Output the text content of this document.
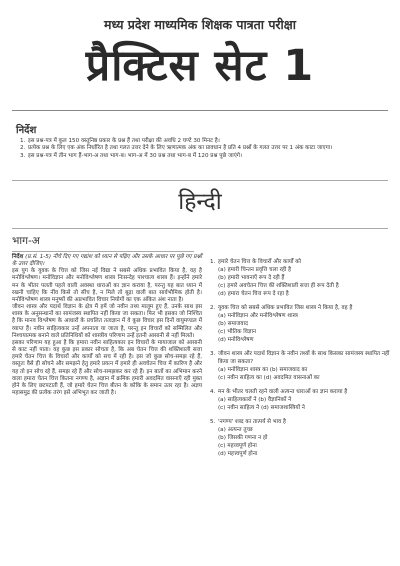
मध्य प्रदेश माध्यमिक शिक्षक पात्रता परीक्षा
प्रैक्टिस सेट 1
निर्देश
1. इस प्रश्न-पत्र में कुल 150 वस्तुनिष्ठ प्रकार के प्रश्न हैं तथा परीक्षा की अवधि 2 घण्टे 30 मिनट है।
2. प्रत्येक प्रश्न के लिए एक अंक निर्धारित है तथा गलत उत्तर देने के लिए ऋणात्मक अंक का प्रावधान है प्रति 4 प्रश्नों के गलत उत्तर पर 1 अंक काटा जाएगा।
3. इस प्रश्न-पत्र में तीन भाग हैं-भाग-अ तथा भाग-ब। भाग-अ में 30 प्रश्न तथा भाग-ब में 120 प्रश्न पूछे जाएंगे।
हिन्दी
भाग-अ

निर्देश (प्र.सं. 1-5) नीचे दिए गए गद्यांश को ध्यान से पढ़िए और उसके आधार पर पूछे गए प्रश्नों के उत्तर दीजिए।

इस युग के युवक के चित्त को जिस नई विद्या ने सबसे अधिक प्रभावित किया है, वह है मनोविश्लेषण। मनोविज्ञान और मनोविश्लेषण शास्त्र निःसन्देह पाश्चात्य शास्त्र हैं। इन्होंने हमारे मन के भीतर पलती पहले वाली अवस्था धाराओं का ज्ञान कराया है, परन्तु यह बात ध्यान में रखनी चाहिए कि नींव किसे तो सींच है, न मिले तो बूढ़ा वाली बात सार्वभौमिक होती है। मनोविश्लेषण शास्त्र मनुष्यों की अप्रभावित विचार नियोगों का एक अंकित अंश नाता है।

जीवन शास्त्र और पदार्थ विज्ञान के क्षेत्र में हमें जो नवीन तथ्य मालूम हुए हैं, उनके साथ इस शास्त्र के अनुसन्धानों का सामंजस्य स्थापित नहीं किया जा सकता। फिर भी इसका जो निश्चित है कि मानव विश्लेषण के आधारों के प्रचलित तत्वज्ञान में वे कुछ विचार इस दिनों वायुमण्डल में व्याप्त हैं। नवीन साहित्यकार उन्हें अपनाता या जाता है, परन्तु इन विचारों को सम्मिलित और निश्चयात्मक बनाने वाले प्रतिनिधियों को शास्त्रीय परिणाम उन्हें इतनी आसानी से नहीं मिलते।

इसका परिणाम यह हुआ है कि हमारा नवीन साहित्यकार इन विचारों के मायाजाल को आसानी से काट नहीं पाता। वह कुछ इस प्रकार सोचता है, कि अब चेतन चित्त की शक्तिशाली सत्ता हमारे चेतन चित्त के विचारों और कार्यों को सच में रही है। इस जो कुछ सोच-समझ रहे हैं, वस्तुतः वैसे ही सोचने और समझने हेतु हमारे प्रयत्न में हमारे ही अवचेतन चित्त में कारिण है और यह तो इन सोच रहे हैं, समझ रहे हैं और सोच-समझकर कर रहे हैं। इन बातों का अभिमान करने वाला हमारा चेतन चित्त कितना नगण्य है, अज्ञान में क्रमिक हमारी अवदमित वासनाएँ रही मुक्त होने के लिए छटपटाती हैं, जो हमारे चेतन चित्त बीतन के कोकि के समान उतर रहा है। अज्ञय महासमुद्र की प्रत्येक तरंग इसे अभिभूत कर जाती है।

1. हमारे चेतन चित्त के विचारों और कार्यों को
(a) हमारी चिन्तन प्रवृत्ति चला रही है
(b) हमारी भावनाएँ रूप दे रही हैं
(c) हमारे अवचेतन चित्त की शक्तिशाली सत्ता ही रूप देती है
(d) हमारा चेतन चित्त रूप दे रहा है
2. युवक चित्त को सबसे अधिक प्रभावित जिस शास्त्र ने किया है, वह है
(a) मनोविज्ञान और मनोविश्लेषण शास्त्र
(b) समाजवाद
(c) भौतिक विज्ञान
(d) मनोविश्लेषण
3. जीवन शास्त्र और पदार्थ विज्ञान के नवीन तथ्यों के साथ किसका सामंजस्य स्थापित नहीं किया जा सकता?
(a) मनोविज्ञान शास्त्र का (b) समाजवाद का
(c) नवीन साहित्य का (d) अवदमित वासनाओं का
4. मन के भीतर चलती रहने वाली अत्यन्त धाराओं का ज्ञान कराया है
(a) साहित्यकारों ने (b) वैज्ञानिकों ने
(c) नवीन साहित्य ने (d) समाजशास्त्रियों ने
5. 'नगण्य' शब्द का तात्पर्य से भाव है
(a) अत्यन्त तुच्छ
(b) जिसकी गणना न हो
(c) महत्त्वपूर्ण होना
(d) महत्त्वपूर्ण होना
